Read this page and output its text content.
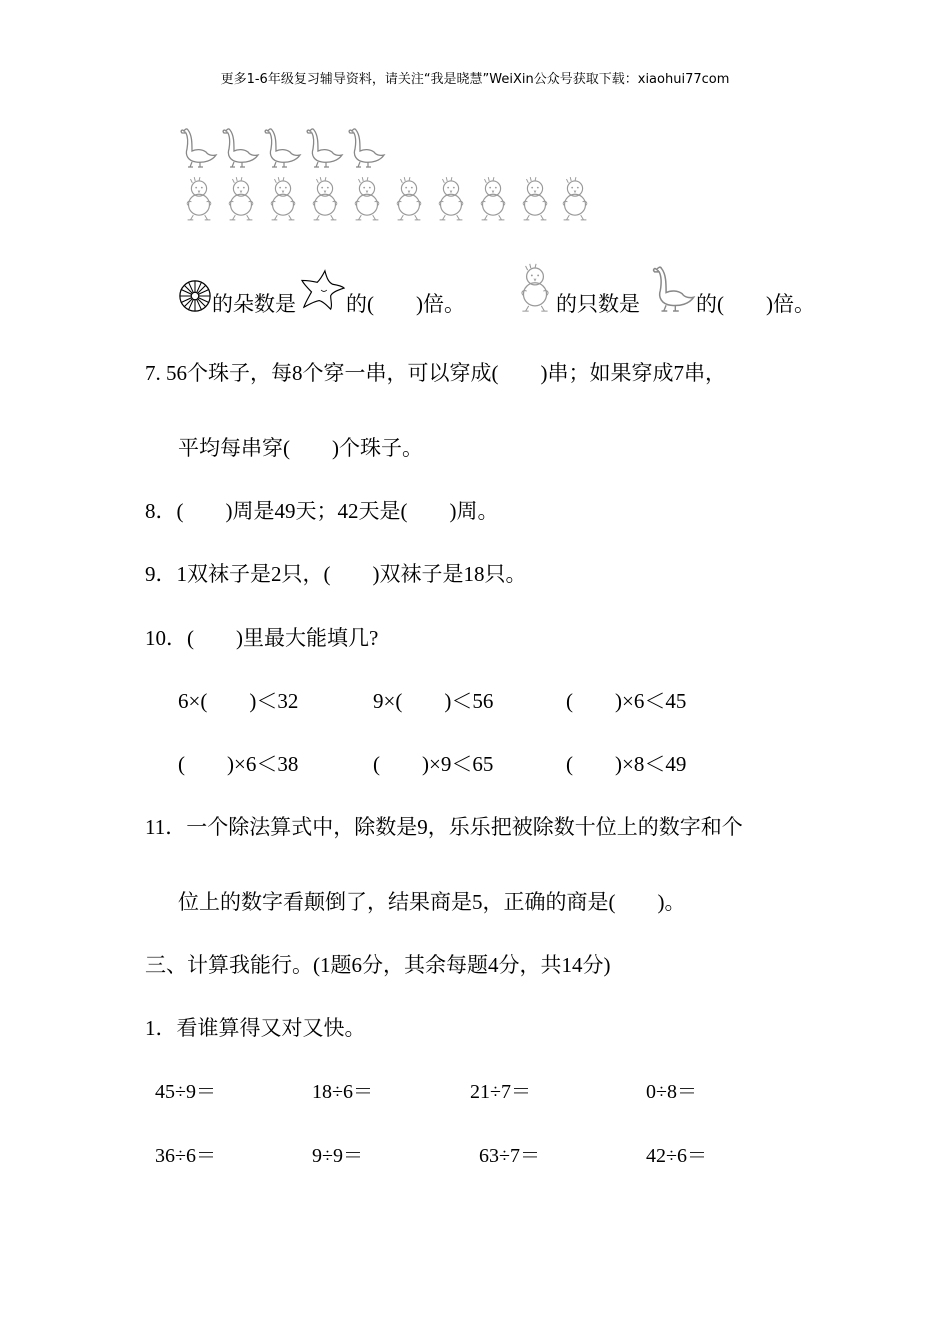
更多1-6年级复习辅导资料，请关注“我是晓慧”WeiXin公众号获取下载：xiaohui77com
的朵数是 的(　　)倍。	的只数是	的(　　)倍。
7. 56个珠子，每8个穿一串，可以穿成(　　)串；如果穿成7串，
平均每串穿(　　)个珠子。
8．(　　)周是49天；42天是(　　)周。
9．1双袜子是2只，(　　)双袜子是18只。
10．(　　)里最大能填几?
6×(　　)＜32	9×(　　)＜56	(　　)×6＜45
(　　)×6＜38	(　　)×9＜65	(　　)×8＜49
11．一个除法算式中，除数是9，乐乐把被除数十位上的数字和个
位上的数字看颠倒了，结果商是5，正确的商是(　　)。
三、计算我能行。(1题6分，其余每题4分，共14分)
1．看谁算得又对又快。
45÷9＝	18÷6＝	21÷7＝	0÷8＝
36÷6＝	9÷9＝	63÷7＝	42÷6＝
